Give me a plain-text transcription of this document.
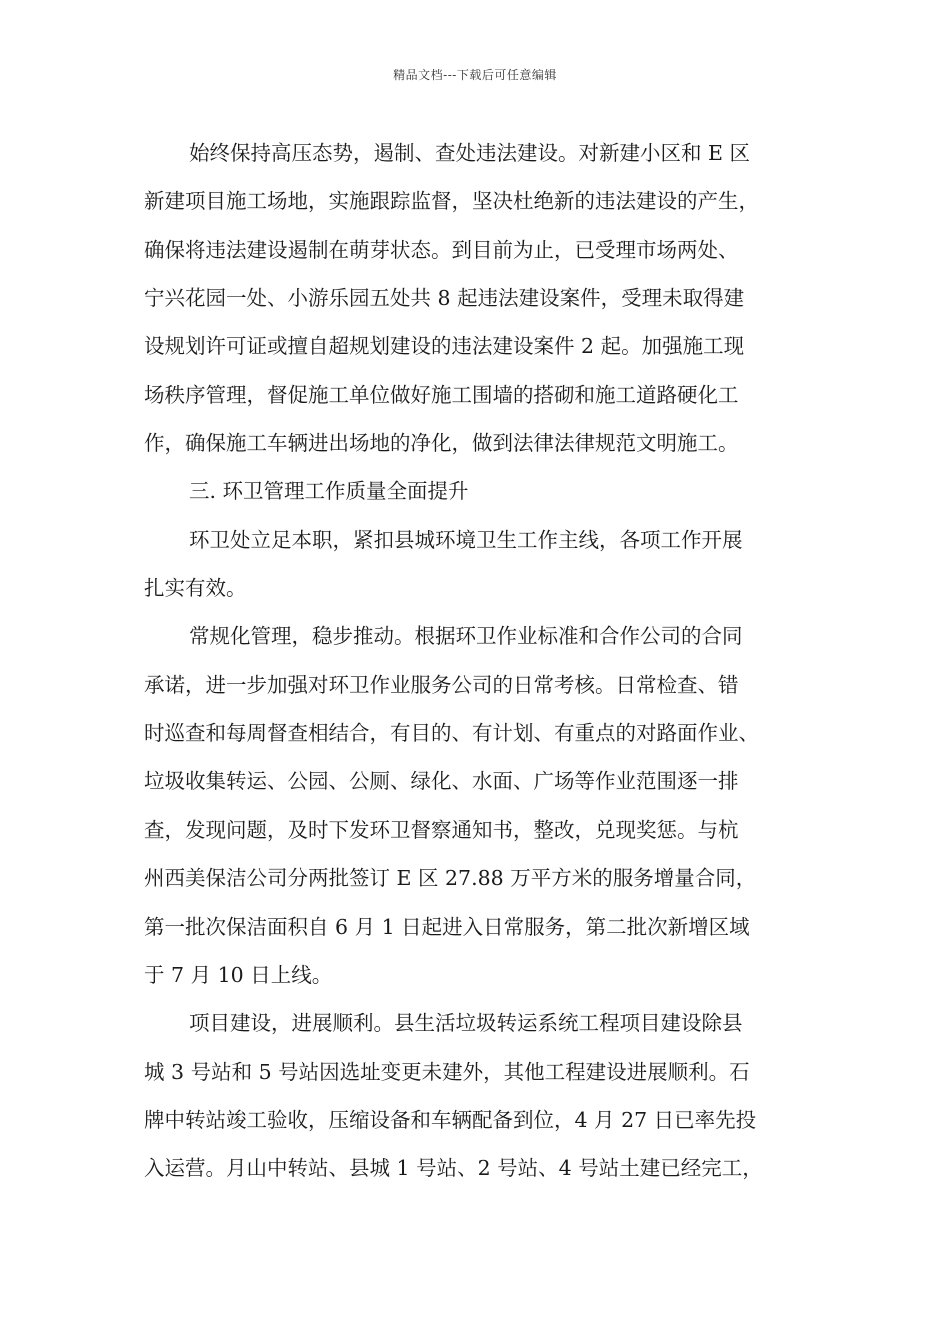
精品文档---下载后可任意编辑
始终保持高压态势，遏制、查处违法建设。对新建小区和 E 区
新建项目施工场地，实施跟踪监督，坚决杜绝新的违法建设的产生，
确保将违法建设遏制在萌芽状态。到目前为止，已受理市场两处、
宁兴花园一处、小游乐园五处共 8 起违法建设案件，受理未取得建
设规划许可证或擅自超规划建设的违法建设案件 2 起。加强施工现
场秩序管理，督促施工单位做好施工围墙的搭砌和施工道路硬化工
作，确保施工车辆进出场地的净化，做到法律法律规范文明施工。
三. 环卫管理工作质量全面提升
环卫处立足本职，紧扣县城环境卫生工作主线，各项工作开展
扎实有效。
常规化管理，稳步推动。根据环卫作业标准和合作公司的合同
承诺，进一步加强对环卫作业服务公司的日常考核。日常检查、错
时巡查和每周督查相结合，有目的、有计划、有重点的对路面作业、
垃圾收集转运、公园、公厕、绿化、水面、广场等作业范围逐一排
查，发现问题，及时下发环卫督察通知书，整改，兑现奖惩。与杭
州西美保洁公司分两批签订 E 区 27.88 万平方米的服务增量合同，
第一批次保洁面积自 6 月 1 日起进入日常服务，第二批次新增区域
于 7 月 10 日上线。
项目建设，进展顺利。县生活垃圾转运系统工程项目建设除县
城 3 号站和 5 号站因选址变更未建外，其他工程建设进展顺利。石
牌中转站竣工验收，压缩设备和车辆配备到位，4 月 27 日已率先投
入运营。月山中转站、县城 1 号站、2 号站、4 号站土建已经完工，
